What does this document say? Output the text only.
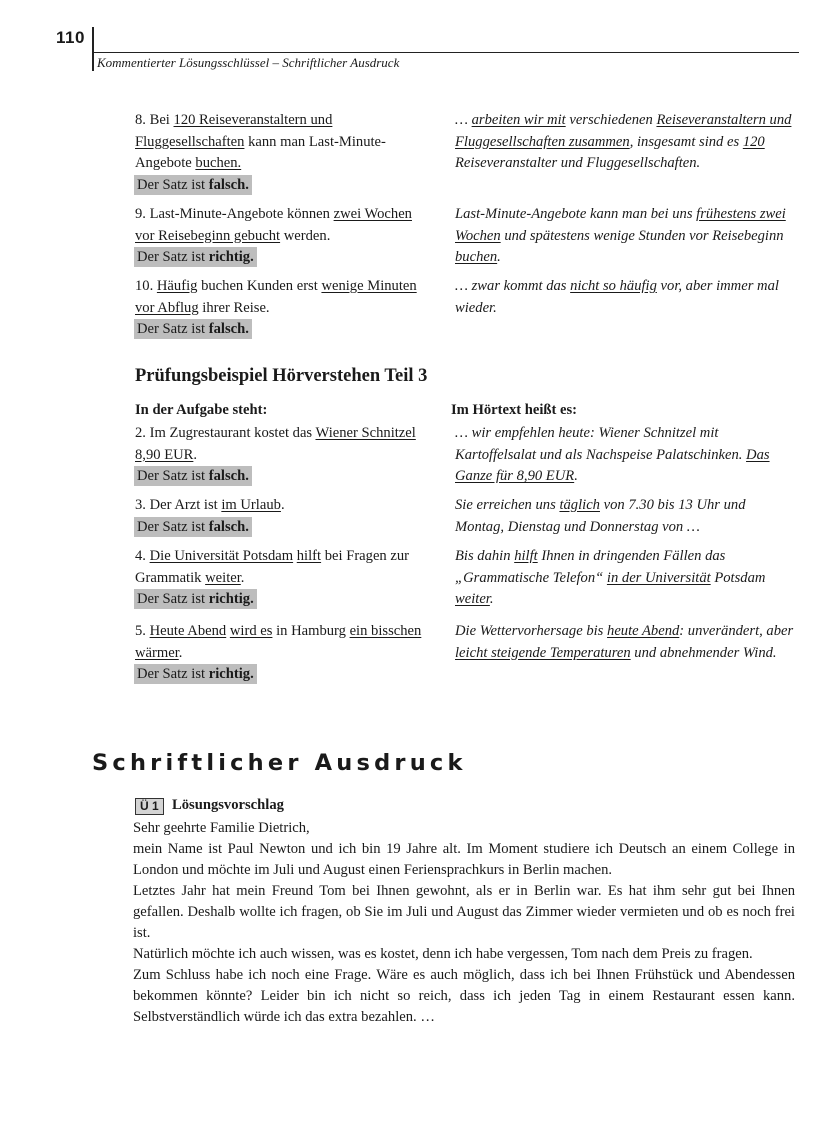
110
Kommentierter Lösungsschlüssel – Schriftlicher Ausdruck
8. Bei 120 Reiseveranstaltern und Fluggesellschaften kann man Last-Minute-Angebote buchen.
Der Satz ist falsch.
… arbeiten wir mit verschiedenen Reiseveranstaltern und Fluggesellschaften zusammen, insgesamt sind es 120 Reiseveranstalter und Fluggesellschaften.
9. Last-Minute-Angebote können zwei Wochen vor Reisebeginn gebucht werden.
Der Satz ist richtig.
Last-Minute-Angebote kann man bei uns frühestens zwei Wochen und spätestens wenige Stunden vor Reisebeginn buchen.
10. Häufig buchen Kunden erst wenige Minuten vor Abflug ihrer Reise.
Der Satz ist falsch.
… zwar kommt das nicht so häufig vor, aber immer mal wieder.
Prüfungsbeispiel Hörverstehen Teil 3
In der Aufgabe steht:	Im Hörtext heißt es:
2. Im Zugrestaurant kostet das Wiener Schnitzel 8,90 EUR.
Der Satz ist falsch.
… wir empfehlen heute: Wiener Schnitzel mit Kartoffelsalat und als Nachspeise Palatschinken. Das Ganze für 8,90 EUR.
3. Der Arzt ist im Urlaub.
Der Satz ist falsch.
Sie erreichen uns täglich von 7.30 bis 13 Uhr und Montag, Dienstag und Donnerstag von …
4. Die Universität Potsdam hilft bei Fragen zur Grammatik weiter.
Der Satz ist richtig.
Bis dahin hilft Ihnen in dringenden Fällen das „Grammatische Telefon“ in der Universität Potsdam weiter.
5. Heute Abend wird es in Hamburg ein bisschen wärmer.
Der Satz ist richtig.
Die Wettervorhersage bis heute Abend: unverändert, aber leicht steigende Temperaturen und abnehmender Wind.
Schriftlicher Ausdruck
Ü 1 Lösungsvorschlag

Sehr geehrte Familie Dietrich,

mein Name ist Paul Newton und ich bin 19 Jahre alt. Im Moment studiere ich Deutsch an einem College in London und möchte im Juli und August einen Feriensprachkurs in Berlin machen.

Letztes Jahr hat mein Freund Tom bei Ihnen gewohnt, als er in Berlin war. Es hat ihm sehr gut bei Ihnen gefallen. Deshalb wollte ich fragen, ob Sie im Juli und August das Zimmer wieder vermieten und ob es noch frei ist.

Natürlich möchte ich auch wissen, was es kostet, denn ich habe vergessen, Tom nach dem Preis zu fragen.

Zum Schluss habe ich noch eine Frage. Wäre es auch möglich, dass ich bei Ihnen Frühstück und Abendessen bekommen könnte? Leider bin ich nicht so reich, dass ich jeden Tag in einem Restaurant essen kann. Selbstverständlich würde ich das extra bezahlen. …
